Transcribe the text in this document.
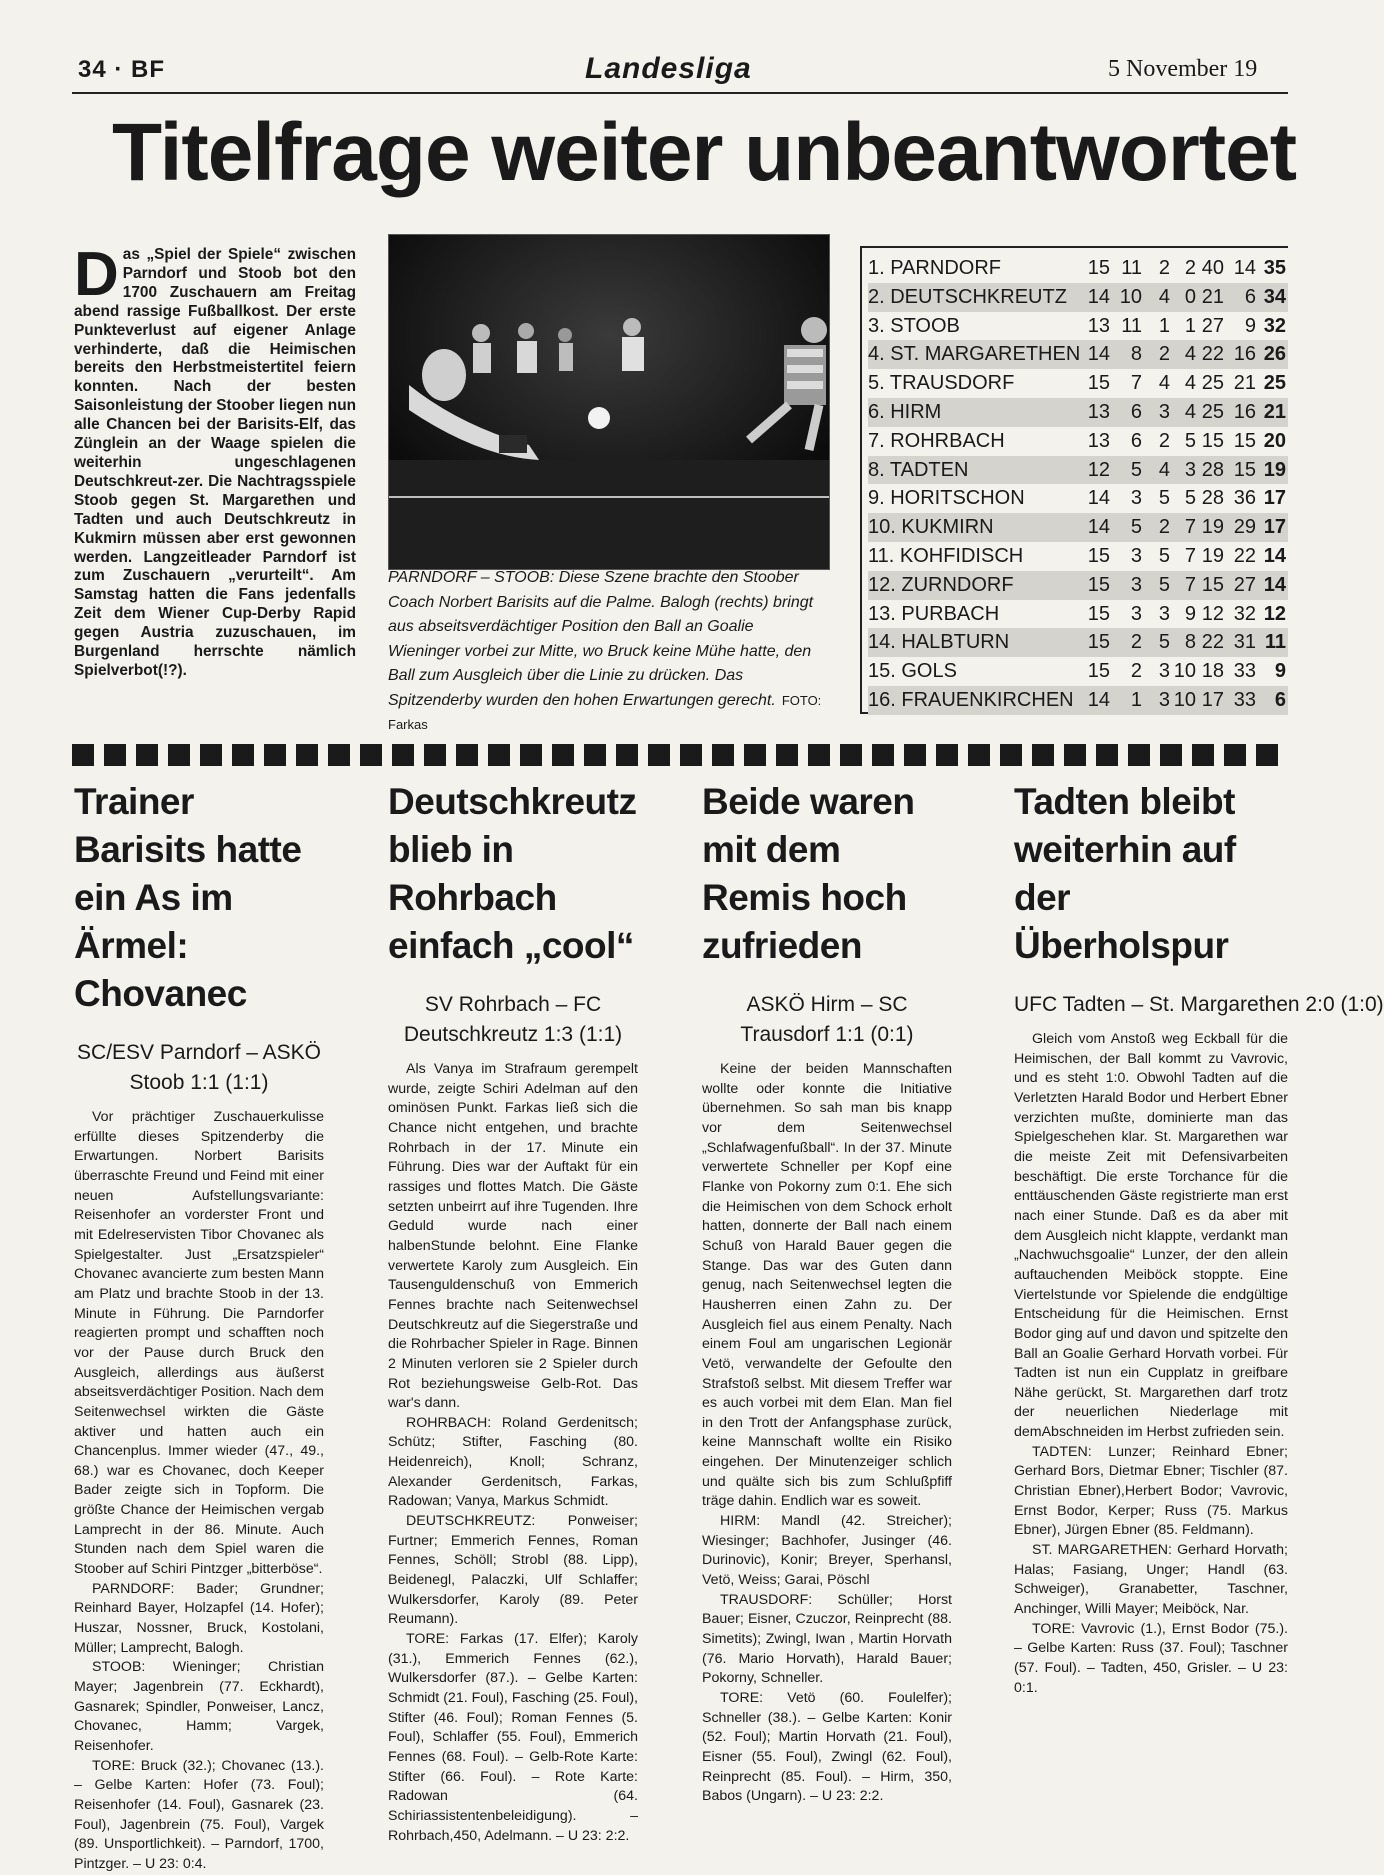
34 · BF	Landesliga	5 November 19
Titelfrage weiter unbeantwortet
Das „Spiel der Spiele“ zwischen Parndorf und Stoob bot den 1700 Zuschauern am Freitag abend rassige Fußballkost. Der erste Punkteverlust auf eigener Anlage verhinderte, daß die Heimischen bereits den Herbstmeistertitel feiern konnten. Nach der besten Saisonleistung der Stoober liegen nun alle Chancen bei der Barisits-Elf, das Zünglein an der Waage spielen die weiterhin ungeschlagenen Deutschkreut-zer. Die Nachtragsspiele Stoob gegen St. Margarethen und Tadten und auch Deutschkreutz in Kukmirn müssen aber erst gewonnen werden. Langzeitleader Parndorf ist zum Zuschauern „verurteilt“. Am Samstag hatten die Fans jedenfalls Zeit dem Wiener Cup-Derby Rapid gegen Austria zuzuschauen, im Burgenland herrschte nämlich Spielverbot(!?).
PARNDORF – STOOB: Diese Szene brachte den Stoober Coach Norbert Barisits auf die Palme. Balogh (rechts) bringt aus abseitsverdächtiger Position den Ball an Goalie Wieninger vorbei zur Mitte, wo Bruck keine Mühe hatte, den Ball zum Ausgleich über die Linie zu drücken. Das Spitzenderby wurden den hohen Erwartungen gerecht. FOTO: Farkas
1. PARNDORF	15 11 2 2 40 14 35
2. DEUTSCHKREUTZ 14 10 4 0 21	6 34
3. STOOB	13 11 1 1 27	9 32
4. ST. MARGARETHEN 14	8 2 4 22 16 26
5. TRAUSDORF	15	7 4 4 25 21 25
6. HIRM	13	6 3 4 25 16 21
7. ROHRBACH	13	6 2 5 15 15 20
8. TADTEN	12	5 4 3 28 15 19
9. HORITSCHON	14	3 5 5 28 36 17
10. KUKMIRN	14	5 2 7 19 29 17
11. KOHFIDISCH	15	3 5 7 19 22 14
12. ZURNDORF	15	3 5 7 15 27 14
13. PURBACH	15	3 3 9 12 32 12
14. HALBTURN	15	2 5 8 22 31 11
15. GOLS	15	2 3 10 18 33 9
16. FRAUENKIRCHEN 14	1 3 10 17 33 6
Trainer Barisits hatte ein As im Ärmel: Chovanec
SC/ESV Parndorf – ASKÖ Stoob 1:1 (1:1)

Vor prächtiger Zuschauerkulisse erfüllte dieses Spitzenderby die Erwartungen. Norbert Barisits überraschte Freund und Feind mit einer neuen Aufstellungsvariante: Reisenhofer an vorderster Front und mit Edelreservisten Tibor Chovanec als Spielgestalter. Just „Ersatzspieler“ Chovanec avancierte zum besten Mann am Platz und brachte Stoob in der 13. Minute in Führung. Die Parndorfer reagierten prompt und schafften noch vor der Pause durch Bruck den Ausgleich, allerdings aus äußerst abseitsverdächtiger Position. Nach dem Seitenwechsel wirkten die Gäste aktiver und hatten auch ein Chancenplus. Immer wieder (47., 49., 68.) war es Chovanec, doch Keeper Bader zeigte sich in Topform. Die größte Chance der Heimischen vergab Lamprecht in der 86. Minute. Auch Stunden nach dem Spiel waren die Stoober auf Schiri Pintzger „bitterböse“.

PARNDORF: Bader; Grundner; Reinhard Bayer, Holzapfel (14. Hofer); Huszar, Nossner, Bruck, Kostolani, Müller; Lamprecht, Balogh.

STOOB: Wieninger; Christian Mayer; Jagenbrein (77. Eckhardt), Gasnarek; Spindler, Ponweiser, Lancz, Chovanec, Hamm; Vargek, Reisenhofer.

TORE: Bruck (32.); Chovanec (13.). – Gelbe Karten: Hofer (73. Foul); Reisenhofer (14. Foul), Gasnarek (23. Foul), Jagenbrein (75. Foul), Vargek (89. Unsportlichkeit). – Parndorf, 1700, Pintzger. – U 23: 0:4.

Deutschkreutz blieb in Rohrbach einfach „cool“
SV Rohrbach – FC Deutschkreutz 1:3 (1:1)

Als Vanya im Strafraum gerempelt wurde, zeigte Schiri Adelman auf den ominösen Punkt. Farkas ließ sich die Chance nicht entgehen, und brachte Rohrbach in der 17. Minute ein Führung. Dies war der Auftakt für ein rassiges und flottes Match. Die Gäste setzten unbeirrt auf ihre Tugenden. Ihre Geduld wurde nach einer halbenStunde belohnt. Eine Flanke verwertete Karoly zum Ausgleich. Ein Tausenguldenschuß von Emmerich Fennes brachte nach Seitenwechsel Deutschkreutz auf die Siegerstraße und die Rohrbacher Spieler in Rage. Binnen 2 Minuten verloren sie 2 Spieler durch Rot beziehungsweise Gelb-Rot. Das war's dann.

ROHRBACH: Roland Gerdenitsch; Schütz; Stifter, Fasching (80. Heidenreich), Knoll; Schranz, Alexander Gerdenitsch, Farkas, Radowan; Vanya, Markus Schmidt.

DEUTSCHKREUTZ: Ponweiser; Furtner; Emmerich Fennes, Roman Fennes, Schöll; Strobl (88. Lipp), Beidenegl, Palaczki, Ulf Schlaffer; Wulkersdorfer, Karoly (89. Peter Reumann).

TORE: Farkas (17. Elfer); Karoly (31.), Emmerich Fennes (62.), Wulkersdorfer (87.). – Gelbe Karten: Schmidt (21. Foul), Fasching (25. Foul), Stifter (46. Foul); Roman Fennes (5. Foul), Schlaffer (55. Foul), Emmerich Fennes (68. Foul). – Gelb-Rote Karte: Stifter (66. Foul). – Rote Karte: Radowan (64. Schiriassistentenbeleidigung). – Rohrbach,450, Adelmann. – U 23: 2:2.

Beide waren mit dem Remis hoch zufrieden
ASKÖ Hirm – SC Trausdorf 1:1 (0:1)

Keine der beiden Mannschaften wollte oder konnte die Initiative übernehmen. So sah man bis knapp vor dem Seitenwechsel „Schlafwagenfußball“. In der 37. Minute verwertete Schneller per Kopf eine Flanke von Pokorny zum 0:1. Ehe sich die Heimischen von dem Schock erholt hatten, donnerte der Ball nach einem Schuß von Harald Bauer gegen die Stange. Das war des Guten dann genug, nach Seitenwechsel legten die Hausherren einen Zahn zu. Der Ausgleich fiel aus einem Penalty. Nach einem Foul am ungarischen Legionär Vetö, verwandelte der Gefoulte den Strafstoß selbst. Mit diesem Treffer war es auch vorbei mit dem Elan. Man fiel in den Trott der Anfangsphase zurück, keine Mannschaft wollte ein Risiko eingehen. Der Minutenzeiger schlich und quälte sich bis zum Schlußpfiff träge dahin. Endlich war es soweit.

HIRM: Mandl (42. Streicher); Wiesinger; Bachhofer, Jusinger (46. Durinovic), Konir; Breyer, Sperhansl, Vetö, Weiss; Garai, Pöschl

TRAUSDORF: Schüller; Horst Bauer; Eisner, Czuczor, Reinprecht (88. Simetits); Zwingl, Iwan , Martin Horvath (76. Mario Horvath), Harald Bauer; Pokorny, Schneller.

TORE: Vetö (60. Foulelfer); Schneller (38.). – Gelbe Karten: Konir (52. Foul); Martin Horvath (21. Foul), Eisner (55. Foul), Zwingl (62. Foul), Reinprecht (85. Foul). – Hirm, 350, Babos (Ungarn). – U 23: 2:2.

Tadten bleibt weiterhin auf der Überholspur
UFC Tadten – St. Margarethen 2:0 (1:0)

Gleich vom Anstoß weg Eckball für die Heimischen, der Ball kommt zu Vavrovic, und es steht 1:0. Obwohl Tadten auf die Verletzten Harald Bodor und Herbert Ebner verzichten mußte, dominierte man das Spielgeschehen klar. St. Margarethen war die meiste Zeit mit Defensivarbeiten beschäftigt. Die erste Torchance für die enttäuschenden Gäste registrierte man erst nach einer Stunde. Daß es da aber mit dem Ausgleich nicht klappte, verdankt man „Nachwuchsgoalie“ Lunzer, der den allein auftauchenden Meiböck stoppte. Eine Viertelstunde vor Spielende die endgültige Entscheidung für die Heimischen. Ernst Bodor ging auf und davon und spitzelte den Ball an Goalie Gerhard Horvath vorbei. Für Tadten ist nun ein Cupplatz in greifbare Nähe gerückt, St. Margarethen darf trotz der neuerlichen Niederlage mit demAbschneiden im Herbst zufrieden sein.

TADTEN: Lunzer; Reinhard Ebner; Gerhard Bors, Dietmar Ebner; Tischler (87. Christian Ebner),Herbert Bodor; Vavrovic, Ernst Bodor, Kerper; Russ (75. Markus Ebner), Jürgen Ebner (85. Feldmann).

ST. MARGARETHEN: Gerhard Horvath; Halas; Fasiang, Unger; Handl (63. Schweiger), Granabetter, Taschner, Anchinger, Willi Mayer; Meiböck, Nar.

TORE: Vavrovic (1.), Ernst Bodor (75.). – Gelbe Karten: Russ (37. Foul); Taschner (57. Foul). – Tadten, 450, Grisler. – U 23: 0:1.
